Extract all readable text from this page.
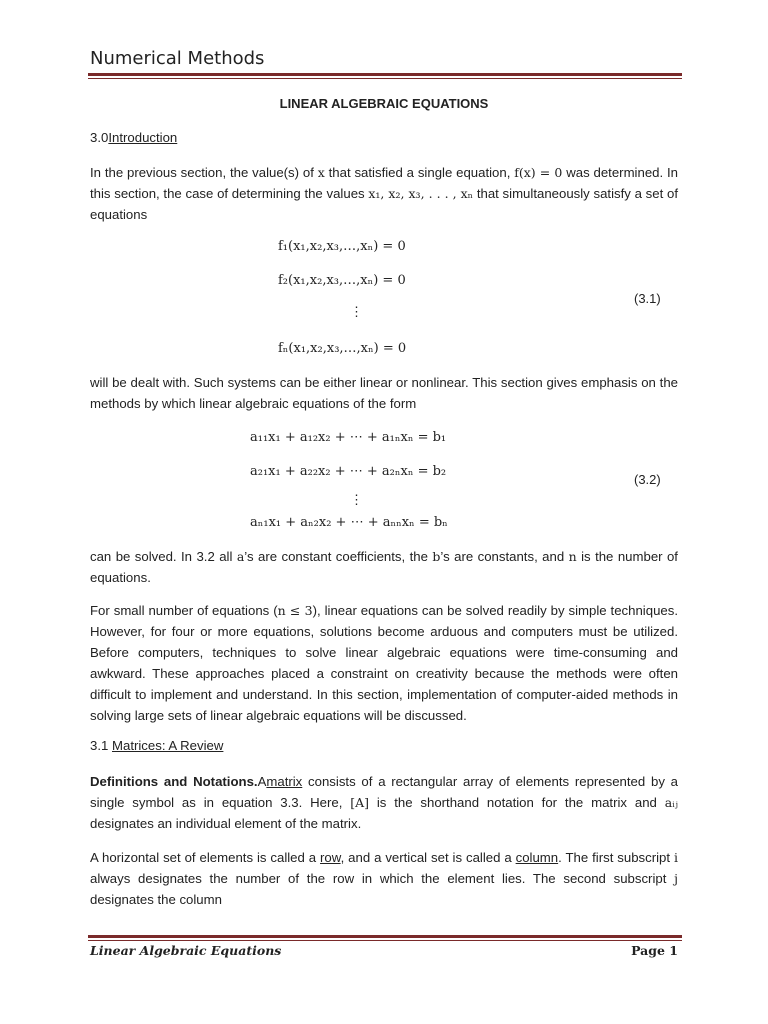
Numerical Methods
LINEAR ALGEBRAIC EQUATIONS
3.0Introduction
In the previous section, the value(s) of x that satisfied a single equation, f(x) = 0 was determined. In this section, the case of determining the values x₁, x₂, x₃, . . . , xₙ that simultaneously satisfy a set of equations
f₁(x₁,x₂,x₃,…,xₙ) = 0
f₂(x₁,x₂,x₃,…,xₙ) = 0
(3.1)
⋮
fₙ(x₁,x₂,x₃,…,xₙ) = 0
will be dealt with. Such systems can be either linear or nonlinear. This section gives emphasis on the methods by which linear algebraic equations of the form
a₁₁x₁ + a₁₂x₂ + ⋯ + a₁ₙxₙ = b₁
a₂₁x₁ + a₂₂x₂ + ⋯ + a₂ₙxₙ = b₂
(3.2)
⋮
aₙ₁x₁ + aₙ₂x₂ + ⋯ + aₙₙxₙ = bₙ
can be solved. In 3.2 all a’s are constant coefficients, the b’s are constants, and n is the number of equations.
For small number of equations (n ≤ 3), linear equations can be solved readily by simple techniques. However, for four or more equations, solutions become arduous and computers must be utilized. Before computers, techniques to solve linear algebraic equations were time-consuming and awkward. These approaches placed a constraint on creativity because the methods were often difficult to implement and understand. In this section, implementation of computer-aided methods in solving large sets of linear algebraic equations will be discussed.
3.1 Matrices: A Review
Definitions and Notations.Amatrix consists of a rectangular array of elements represented by a single symbol as in equation 3.3. Here, [A] is the shorthand notation for the matrix and aᵢⱼ designates an individual element of the matrix.
A horizontal set of elements is called a row, and a vertical set is called a column. The first subscript i always designates the number of the row in which the element lies. The second subscript j designates the column
Linear Algebraic Equations	Page 1
